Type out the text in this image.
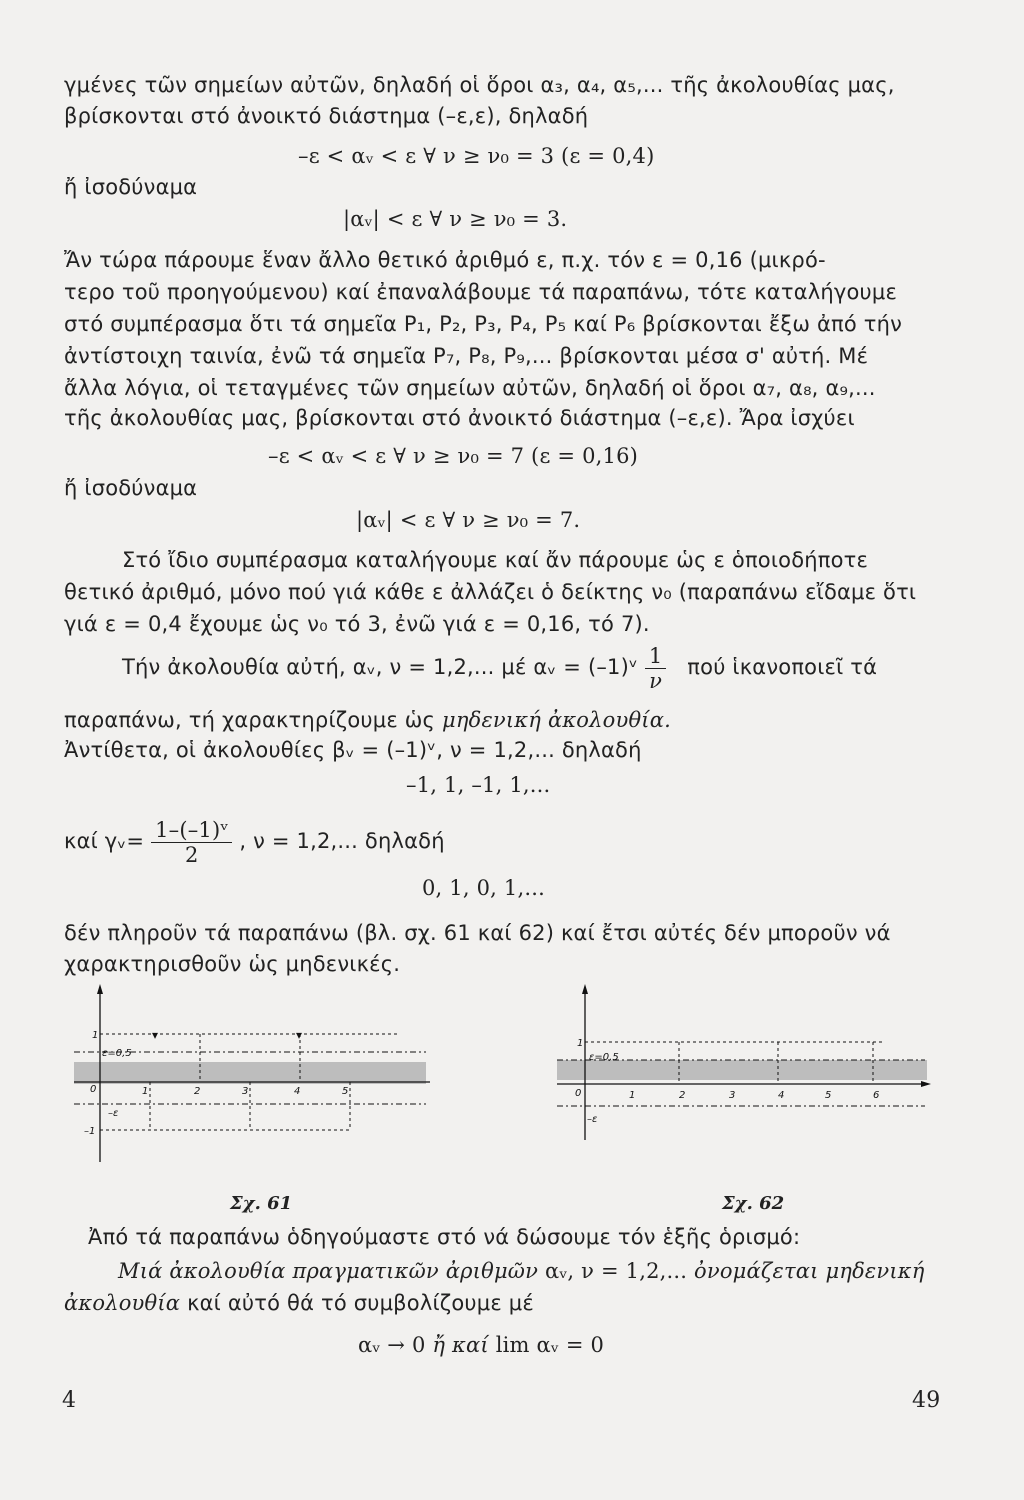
γμένες τῶν σημείων αὐτῶν, δηλαδή οἱ ὅροι α₃, α₄, α₅,... τῆς ἀκολουθίας μας,
βρίσκονται στό ἀνοικτό διάστημα (–ε,ε), δηλαδή
–ε < αᵥ < ε ∀ ν ≥ ν₀ = 3 (ε = 0,4)
ἤ ἰσοδύναμα
|αᵥ| < ε ∀ ν ≥ ν₀ = 3.
Ἄν τώρα πάρουμε ἕναν ἄλλο θετικό ἀριθμό ε, π.χ. τόν ε = 0,16 (μικρό-
τερο τοῦ προηγούμενου) καί ἐπαναλάβουμε τά παραπάνω, τότε καταλήγουμε
στό συμπέρασμα ὅτι τά σημεῖα P₁, P₂, P₃, P₄, P₅ καί P₆ βρίσκονται ἔξω ἀπό τήν
ἀντίστοιχη ταινία, ἐνῶ τά σημεῖα P₇, P₈, P₉,... βρίσκονται μέσα σ' αὐτή. Μέ
ἄλλα λόγια, οἱ τεταγμένες τῶν σημείων αὐτῶν, δηλαδή οἱ ὅροι α₇, α₈, α₉,...
τῆς ἀκολουθίας μας, βρίσκονται στό ἀνοικτό διάστημα (–ε,ε). Ἄρα ἰσχύει
–ε < αᵥ < ε ∀ ν ≥ ν₀ = 7 (ε = 0,16)
ἤ ἰσοδύναμα
|αᵥ| < ε ∀ ν ≥ ν₀ = 7.
Στό ἴδιο συμπέρασμα καταλήγουμε καί ἄν πάρουμε ὡς ε ὁποιοδήποτε
θετικό ἀριθμό, μόνο πού γιά κάθε ε ἀλλάζει ὁ δείκτης ν₀ (παραπάνω εἴδαμε ὅτι
γιά ε = 0,4 ἔχουμε ὡς ν₀ τό 3, ἐνῶ γιά ε = 0,16, τό 7).
Τήν ἀκολουθία αὐτή, αᵥ, ν = 1,2,... μέ αᵥ = (–1)ᵛ $\frac{1}{\nu}$ πού ἱκανοποιεῖ τά
παραπάνω, τή χαρακτηρίζουμε ὡς μηδενική ἀκολουθία.
Ἀντίθετα, οἱ ἀκολουθίες βᵥ = (–1)ᵛ, ν = 1,2,... δηλαδή
–1, 1, –1, 1,...
καί γᵥ= $\frac{\text{1–(–1)ᵛ}}{2}$ , ν = 1,2,... δηλαδή
0, 1, 0, 1,...
δέν πληροῦν τά παραπάνω (βλ. σχ. 61 καί 62) καί ἔτσι αὐτές δέν μποροῦν νά
χαρακτηρισθοῦν ὡς μηδενικές.
▾	▾
1
ε=0,5
0
–ε
–1
1	2	3	4	5
Σχ. 61
1
ε=0,5
0
–ε
1	2	3	4	5	6
Σχ. 62
Ἀπό τά παραπάνω ὁδηγούμαστε στό νά δώσουμε τόν ἑξῆς ὁρισμό:
Μιά ἀκολουθία πραγματικῶν ἀριθμῶν αᵥ, ν = 1,2,... ὀνομάζεται μηδενική
ἀκολουθία καί αὐτό θά τό συμβολίζουμε μέ
αᵥ → 0 ἤ καί lim αᵥ = 0
4	49
